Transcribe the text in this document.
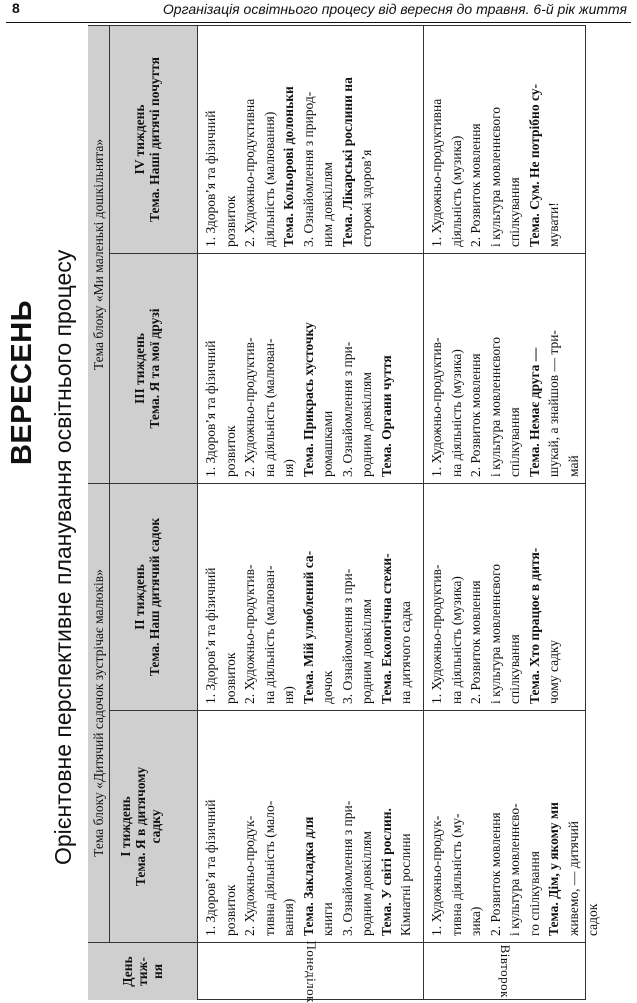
8	Організація освітнього процесу від вересня до травня. 6-й рік життя
ВЕРЕСЕНЬ Орієнтовне перспективне планування освітнього процесу
День тиж- ня
Тема блоку «Дитячий садочок зустрічає малюків»
Тема блоку «Ми маленькі дошкільнята»
I тиждень Тема. Я в дитячому садку
II тиждень Тема. Наш дитячий садок
III тиждень Тема. Я та мої друзі
IV тиждень Тема. Наші дитячі почуття
Понеділок
1. Здоров’я та фізичний розвиток 2. Художньо-продук- тивна діяльність (мало- вання) Тема. Закладка для книги 3. Ознайомлення з при- родним довкіллям Тема. У світі рослин. Кімнатні рослини
1. Здоров’я та фізичний розвиток 2. Художньо-продуктив- на діяльність (малюван- ня) Тема. Мій улюблений са- дочок 3. Ознайомлення з при- родним довкіллям Тема. Екологічна стежи- на дитячого садка
1. Здоров’я та фізичний розвиток 2. Художньо-продуктив- на діяльність (малюван- ня) Тема. Прикрась хусточку ромашками 3. Ознайомлення з при- родним довкіллям Тема. Органи чуття
1. Здоров’я та фізичний розвиток 2. Художньо-продуктивна діяльність (малювання) Тема. Кольорові долоньки 3. Ознайомлення з природ- ним довкіллям Тема. Лікарські рослини на сторожі здоров’я
Вівторок
1. Художньо-продук- тивна діяльність (му- зика) 2. Розвиток мовлення і культура мовленнєво- го спілкування Тема. Дім, у якому ми живемо, — дитячий садок
1. Художньо-продуктив- на діяльність (музика) 2. Розвиток мовлення і культура мовленнєвого спілкування Тема. Хто працює в дитя- чому садку
1. Художньо-продуктив- на діяльність (музика) 2. Розвиток мовлення і культура мовленнєвого спілкування Тема. Немає друга — шукай, а знайшов — три- май
1. Художньо-продуктивна діяльність (музика) 2. Розвиток мовлення і культура мовленнєвого спілкування Тема. Сум. Не потрібно су- мувати!
